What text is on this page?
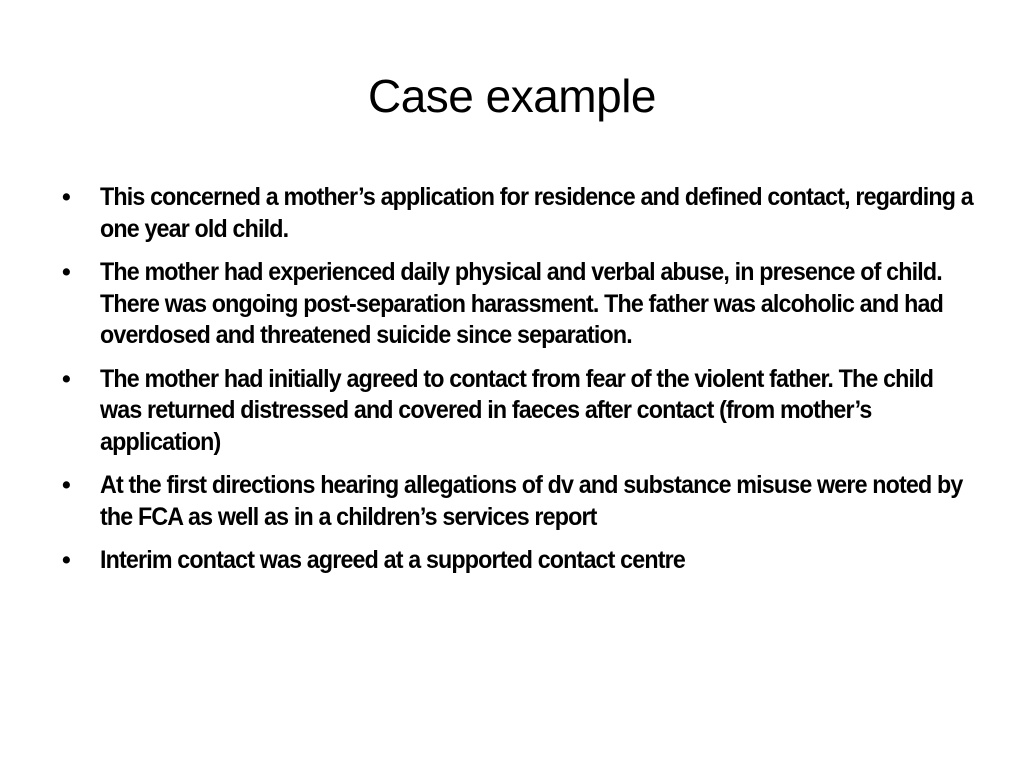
Case example
• This concerned a mother’s application for residence and defined contact, regarding a one year old child.
• The mother had experienced daily physical and verbal abuse, in presence of child. There was ongoing post-separation harassment. The father was alcoholic and had overdosed and threatened suicide since separation.
• The mother had initially agreed to contact from fear of the violent father. The child was returned distressed and covered in faeces after contact (from mother’s application)
• At the first directions hearing allegations of dv and substance misuse were noted by the FCA as well as in a children’s services report
• Interim contact was agreed at a supported contact centre
